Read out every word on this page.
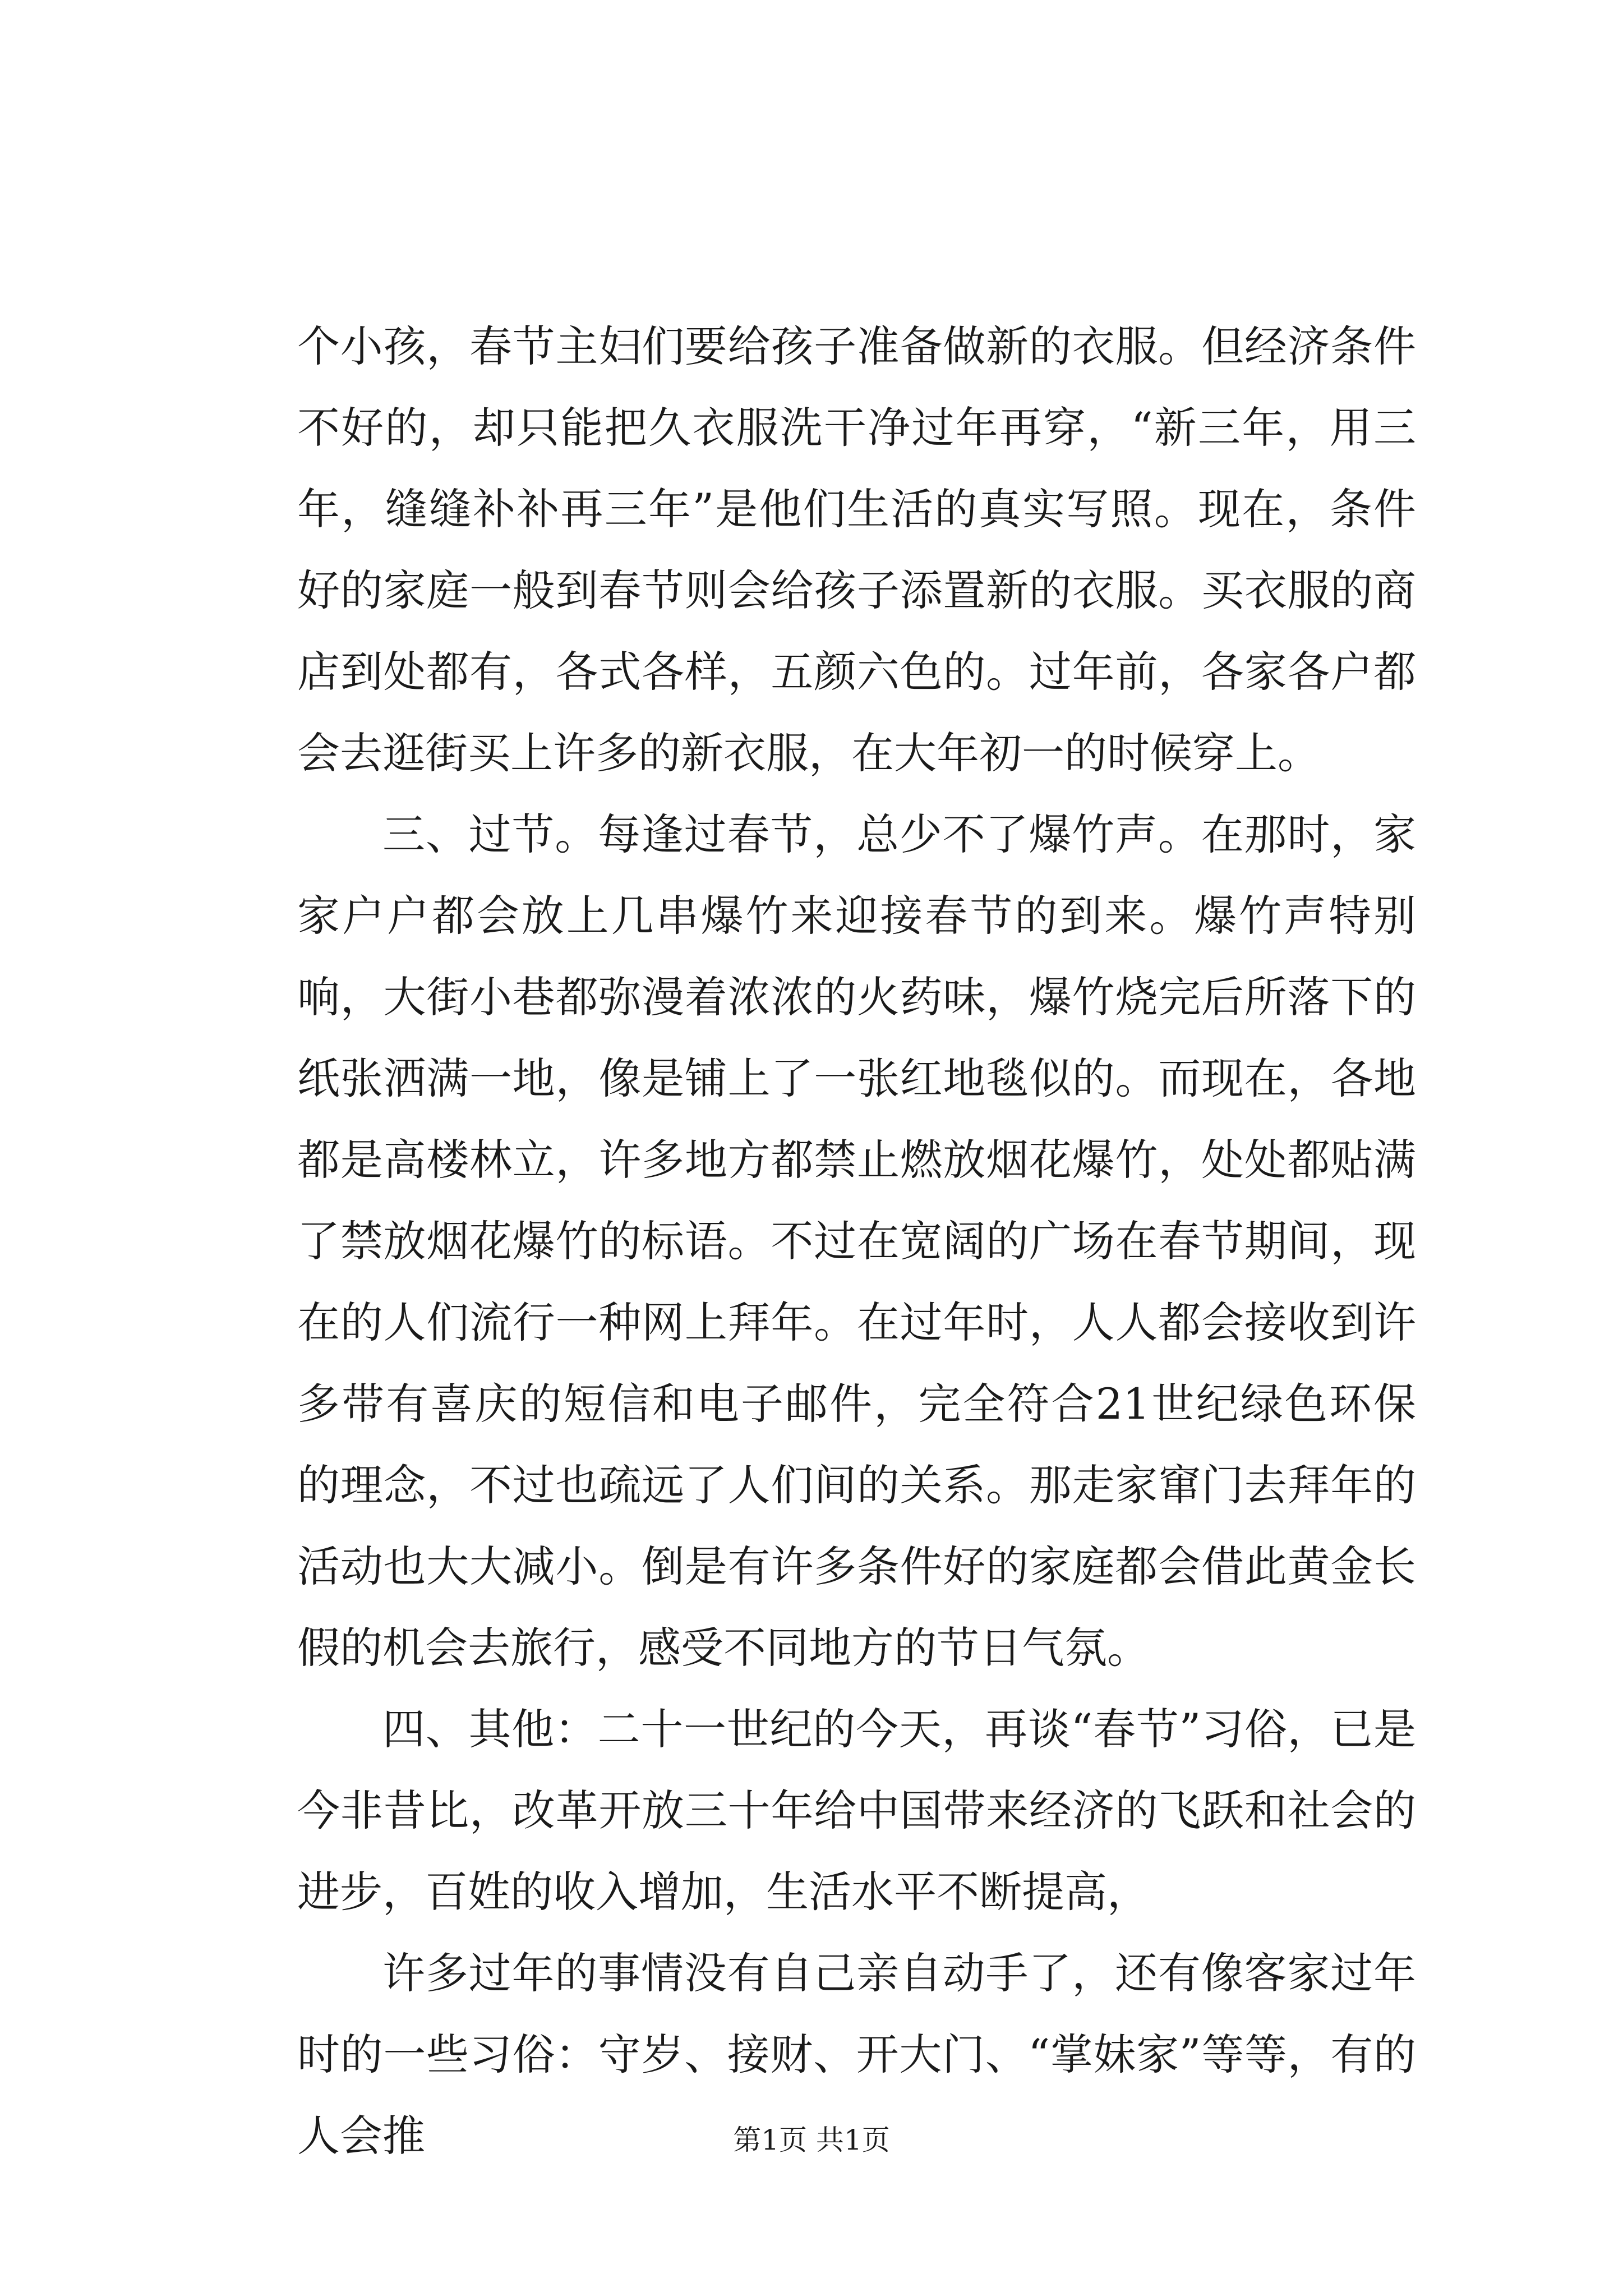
个小孩，春节主妇们要给孩子准备做新的衣服。但经济条件不好的，却只能把久衣服洗干净过年再穿，“新三年，用三年，缝缝补补再三年”是他们生活的真实写照。现在，条件好的家庭一般到春节则会给孩子添置新的衣服。买衣服的商店到处都有，各式各样，五颜六色的。过年前，各家各户都会去逛街买上许多的新衣服，在大年初一的时候穿上。

三、过节。每逢过春节，总少不了爆竹声。在那时，家家户户都会放上几串爆竹来迎接春节的到来。爆竹声特别响，大街小巷都弥漫着浓浓的火药味，爆竹烧完后所落下的纸张洒满一地，像是铺上了一张红地毯似的。而现在，各地都是高楼林立，许多地方都禁止燃放烟花爆竹，处处都贴满了禁放烟花爆竹的标语。不过在宽阔的广场在春节期间，现在的人们流行一种网上拜年。在过年时，人人都会接收到许多带有喜庆的短信和电子邮件，完全符合21世纪绿色环保的理念，不过也疏远了人们间的关系。那走家窜门去拜年的活动也大大减小。倒是有许多条件好的家庭都会借此黄金长假的机会去旅行，感受不同地方的节日气氛。

四、其他：二十一世纪的今天，再谈“春节”习俗，已是今非昔比，改革开放三十年给中国带来经济的飞跃和社会的进步，百姓的收入增加，生活水平不断提高，

许多过年的事情没有自己亲自动手了，还有像客家过年时的一些习俗：守岁、接财、开大门、“掌妹家”等等，有的人会推	第1页 共1页
